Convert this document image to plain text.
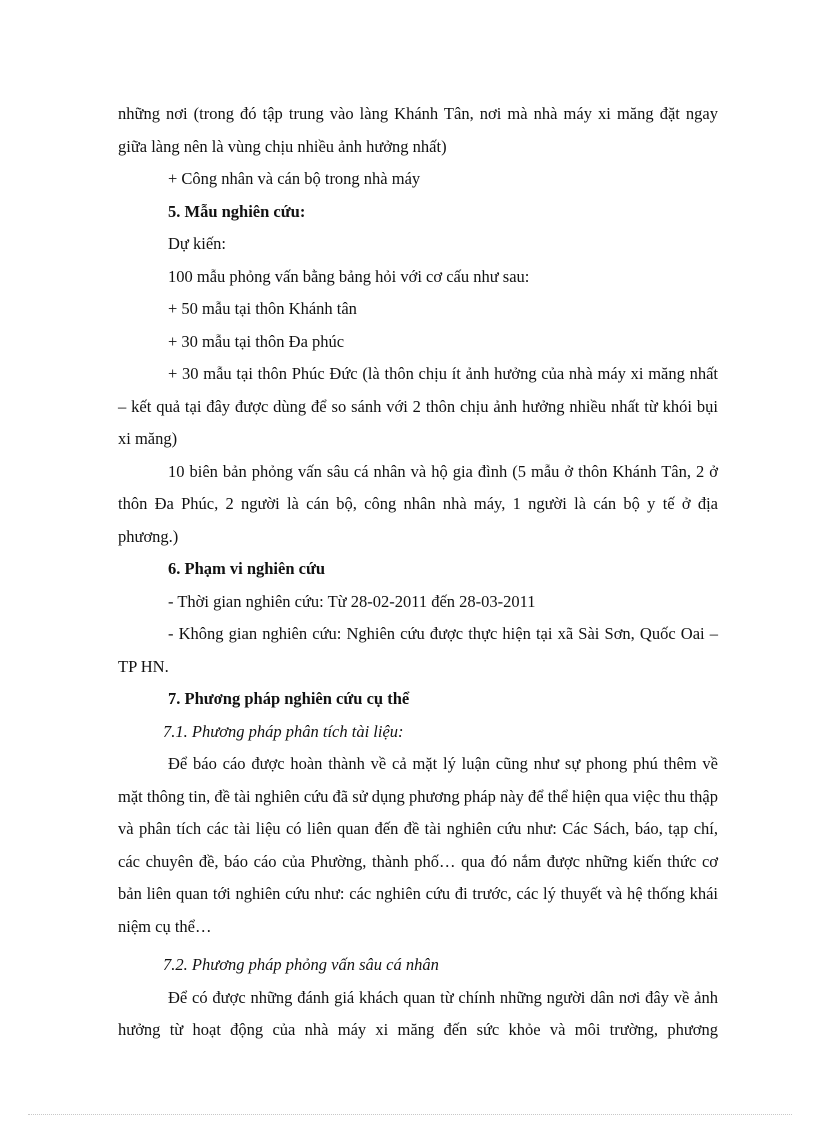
những nơi (trong đó tập trung vào làng Khánh Tân, nơi mà nhà máy xi măng đặt ngay giữa làng nên là vùng chịu nhiều ảnh hưởng nhất)

+ Công nhân và cán bộ trong nhà máy

5. Mẫu nghiên cứu:

Dự kiến:

100 mẫu phỏng vấn bằng bảng hỏi với cơ cấu như sau:

+ 50 mẫu tại thôn Khánh tân

+ 30 mẫu tại thôn Đa phúc

+ 30 mẫu tại thôn Phúc Đức (là thôn chịu ít ảnh hưởng của nhà máy xi măng nhất – kết quả tại đây được dùng để so sánh với 2 thôn chịu ảnh hưởng nhiều nhất từ khói bụi xi măng)

10 biên bản phỏng vấn sâu cá nhân và hộ gia đình (5 mẫu ở thôn Khánh Tân, 2 ở thôn Đa Phúc, 2 người là cán bộ, công nhân nhà máy, 1 người là cán bộ y tế ở địa phương.)

6. Phạm vi nghiên cứu

- Thời gian nghiên cứu: Từ 28-02-2011 đến 28-03-2011

- Không gian nghiên cứu: Nghiên cứu được thực hiện tại xã Sài Sơn, Quốc Oai – TP HN.

7. Phương pháp nghiên cứu cụ thể

7.1. Phương pháp phân tích tài liệu:

Để báo cáo được hoàn thành về cả mặt lý luận cũng như sự phong phú thêm về mặt thông tin, đề tài nghiên cứu đã sử dụng phương pháp này để thể hiện qua việc thu thập và phân tích các tài liệu có liên quan đến đề tài nghiên cứu như: Các Sách, báo, tạp chí, các chuyên đề, báo cáo của Phường, thành phố… qua đó nắm được những kiến thức cơ bản liên quan tới nghiên cứu như: các nghiên cứu đi trước, các lý thuyết và hệ thống khái niệm cụ thể…

7.2. Phương pháp phỏng vấn sâu cá nhân

Để có được những đánh giá khách quan từ chính những người dân nơi đây về ảnh hưởng từ hoạt động của nhà máy xi măng đến sức khỏe và môi trường, phương
